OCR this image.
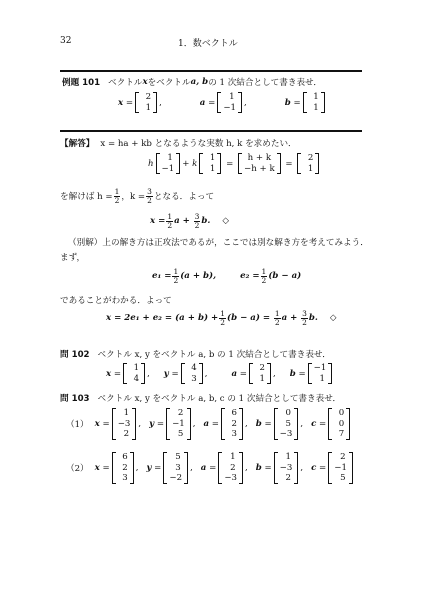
32	1．数ベクトル
例題 101 ベクトル x をベクトル a, b の 1 次結合として書き表せ．
x =
2
1 ,	a =
1
−1 ,	b =
1
1
【解答】 x = ha + kb となるような実数 h, k を求めたい．
h
1
−1 + k
1
1 =
h + k
−h + k =
2
1
を解けば $h = \frac{1}{2}$ ，$k = \frac{3}{2}$ となる．よって
$x = \frac{1}{2}$ a +
$\frac{3}{2} b$. ◇
（別解） 上の解き方は正攻法であるが，ここでは別な解き方を考えてみよう．
まず，
$e_1 = \frac{1}{2} (a + b)$,	$e_2 = \frac{1}{2} (b - a)$
であることがわかる．よって
$x = 2e_1 + e_2 = (a + b) + \frac{1}{2} (b - a)$ =
$\frac{1}{2}$ a +
$\frac{3}{2} b$. ◇
問 102 ベクトル x, y をベクトル a, b の 1 次結合として書き表せ．
x =
1
4 , y =
4
3 ,	a =
2
1 , b =
−1
1
問 103 ベクトル x, y をベクトル a, b, c の 1 次結合として書き表せ．
（1） x =
1
−3
2
, y =
2
−1
5
, a =
6
2
3
, b =
0
5
−3
, c =
0
0
7
（2） x =
6
2
3
, y =
5
3
−2
, a =
1
2
−3
, b =
1
−3
2
, c =
2
−1
5
